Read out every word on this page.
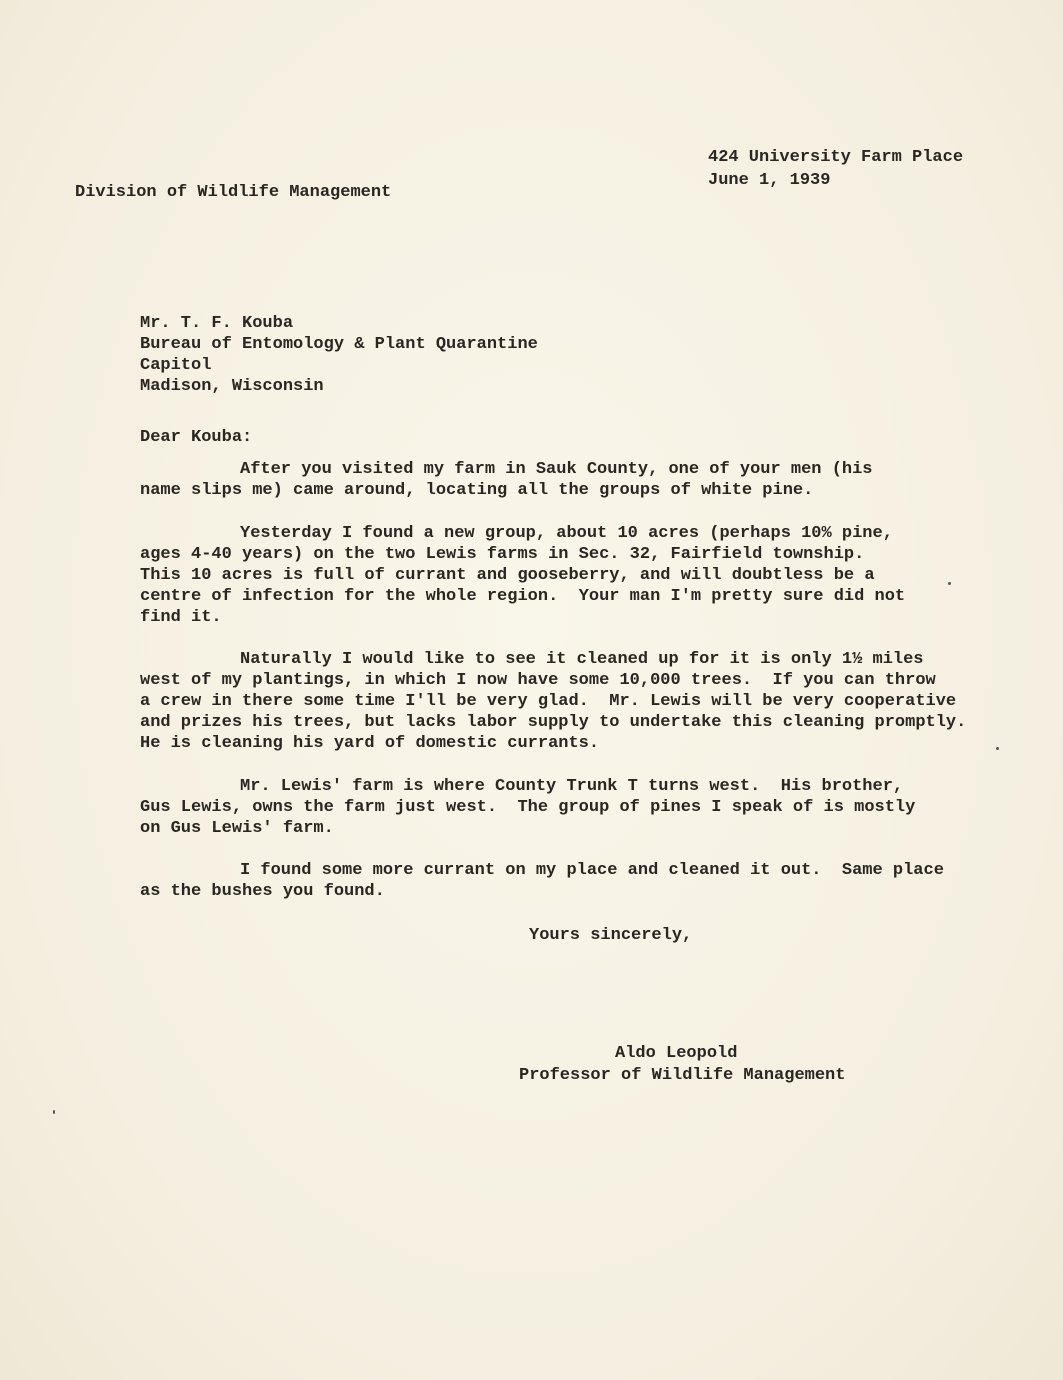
424 University Farm Place
June 1, 1939
Division of Wildlife Management
Mr. T. F. Kouba
Bureau of Entomology & Plant Quarantine
Capitol
Madison, Wisconsin
Dear Kouba:
After you visited my farm in Sauk County, one of your men (his
name slips me) came around, locating all the groups of white pine.
Yesterday I found a new group, about 10 acres (perhaps 10% pine,
ages 4-40 years) on the two Lewis farms in Sec. 32, Fairfield township.
This 10 acres is full of currant and gooseberry, and will doubtless be a
centre of infection for the whole region.  Your man I'm pretty sure did not
find it.
Naturally I would like to see it cleaned up for it is only 1½ miles
west of my plantings, in which I now have some 10,000 trees.  If you can throw
a crew in there some time I'll be very glad.  Mr. Lewis will be very cooperative
and prizes his trees, but lacks labor supply to undertake this cleaning promptly.
He is cleaning his yard of domestic currants.
Mr. Lewis' farm is where County Trunk T turns west.  His brother,
Gus Lewis, owns the farm just west.  The group of pines I speak of is mostly
on Gus Lewis' farm.
I found some more currant on my place and cleaned it out.  Same place
as the bushes you found.
Yours sincerely,
Aldo Leopold
Professor of Wildlife Management
